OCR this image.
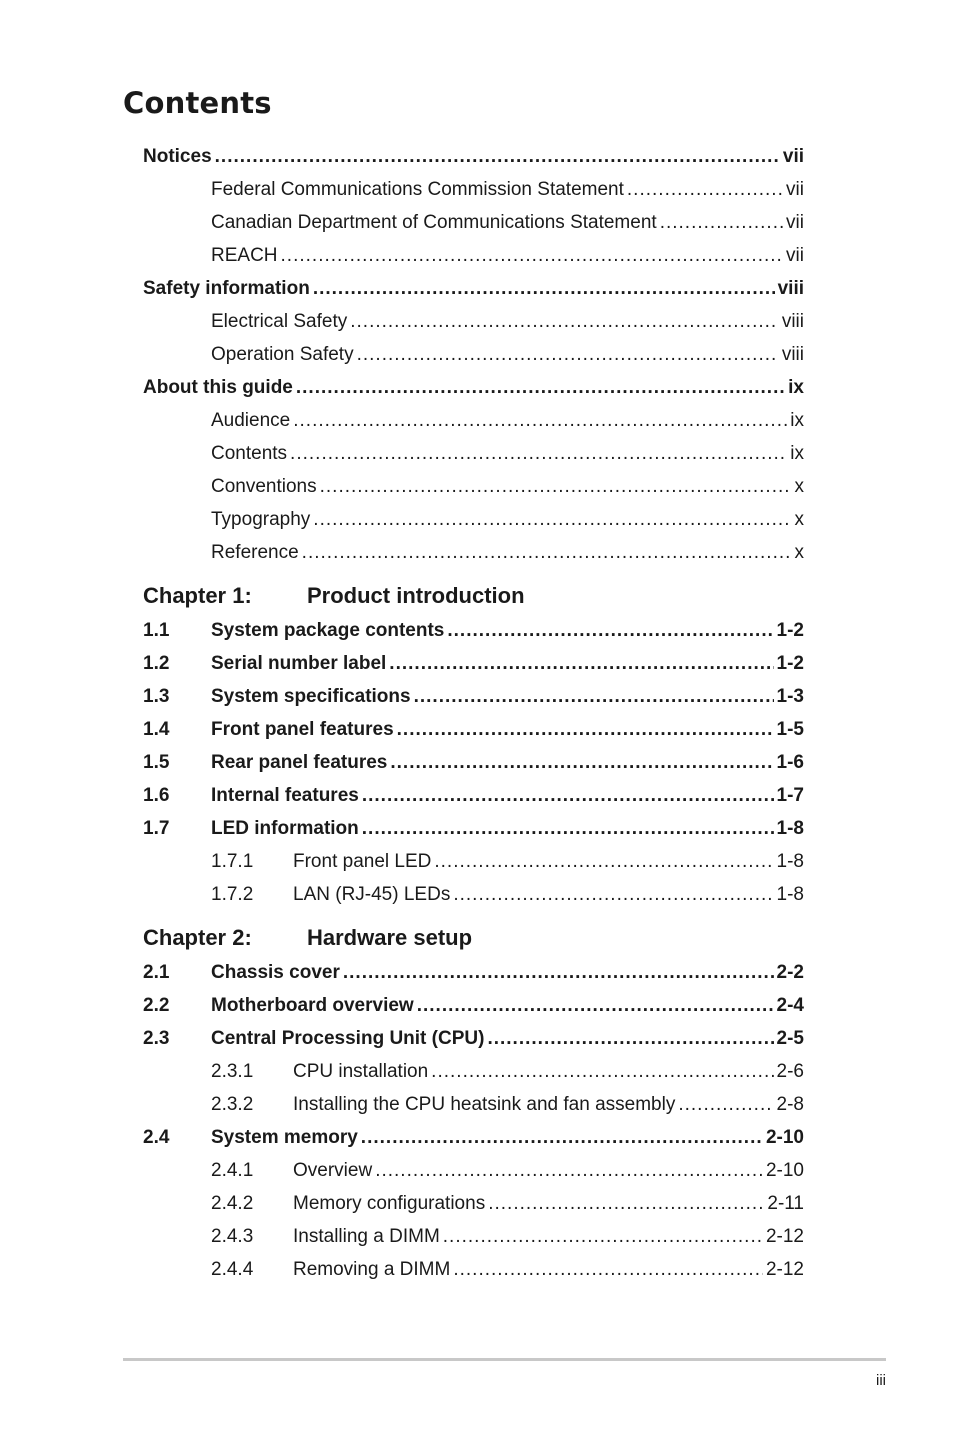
Contents
Notices .....	vii
Federal Communications Commission Statement .....	vii
Canadian Department of Communications Statement .....	vii
REACH .....	vii
Safety information .....	viii
Electrical Safety .....	viii
Operation Safety .....	viii
About this guide .....	ix
Audience .....	ix
Contents .....	ix
Conventions .....	x
Typography .....	x
Reference .....	x
Chapter 1:	Product introduction
1.1	System package contents .....	1-2
1.2	Serial number label .....	1-2
1.3	System specifications .....	1-3
1.4	Front panel features .....	1-5
1.5	Rear panel features .....	1-6
1.6	Internal features .....	1-7
1.7	LED information .....	1-8
1.7.1	Front panel LED .....	1-8
1.7.2	LAN (RJ-45) LEDs .....	1-8
Chapter 2:	Hardware setup
2.1	Chassis cover .....	2-2
2.2	Motherboard overview .....	2-4
2.3	Central Processing Unit (CPU) .....	2-5
2.3.1	CPU installation .....	2-6
2.3.2	Installing the CPU heatsink and fan assembly .....	2-8
2.4	System memory .....	2-10
2.4.1	Overview .....	2-10
2.4.2	Memory configurations .....	2-11
2.4.3	Installing a DIMM .....	2-12
2.4.4	Removing a DIMM .....	2-12
iii
